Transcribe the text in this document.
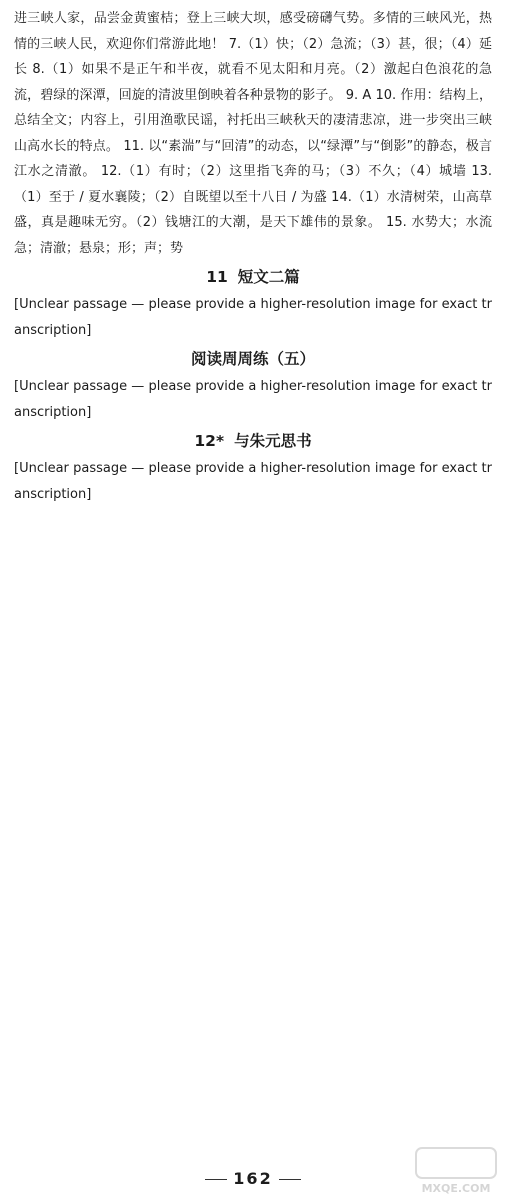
进三峡人家，品尝金黄蜜桔；登上三峡大坝，感受磅礴气势。多情的三峡风光，热情的三峡人民，欢迎你们常游此地！ 7.（1）快；（2）急流；（3）甚，很；（4）延长 8.（1）如果不是正午和半夜，就看不见太阳和月亮。（2）激起白色浪花的急流，碧绿的深潭，回旋的清波里倒映着各种景物的影子。 9. A 10. 作用：结构上，总结全文；内容上，引用渔歌民谣，衬托出三峡秋天的凄清悲凉，进一步突出三峡山高水长的特点。 11. 以“素湍”与“回清”的动态，以“绿潭”与“倒影”的静态，极言江水之清澈。 12.（1）有时；（2）这里指飞奔的马；（3）不久；（4）城墙 13.（1）至于 / 夏水襄陵；（2）自既望以至十八日 / 为盛 14.（1）水清树荣，山高草盛，真是趣味无穷。（2）钱塘江的大潮，是天下雄伟的景象。 15. 水势大；水流急；清澈；悬泉；形；声；势

11 短文二篇

[Unclear passage — please provide a higher-resolution image for exact transcription]

阅读周周练（五）

[Unclear passage — please provide a higher-resolution image for exact transcription]

12* 与朱元思书

[Unclear passage — please provide a higher-resolution image for exact transcription]

162
MXQE.COM
